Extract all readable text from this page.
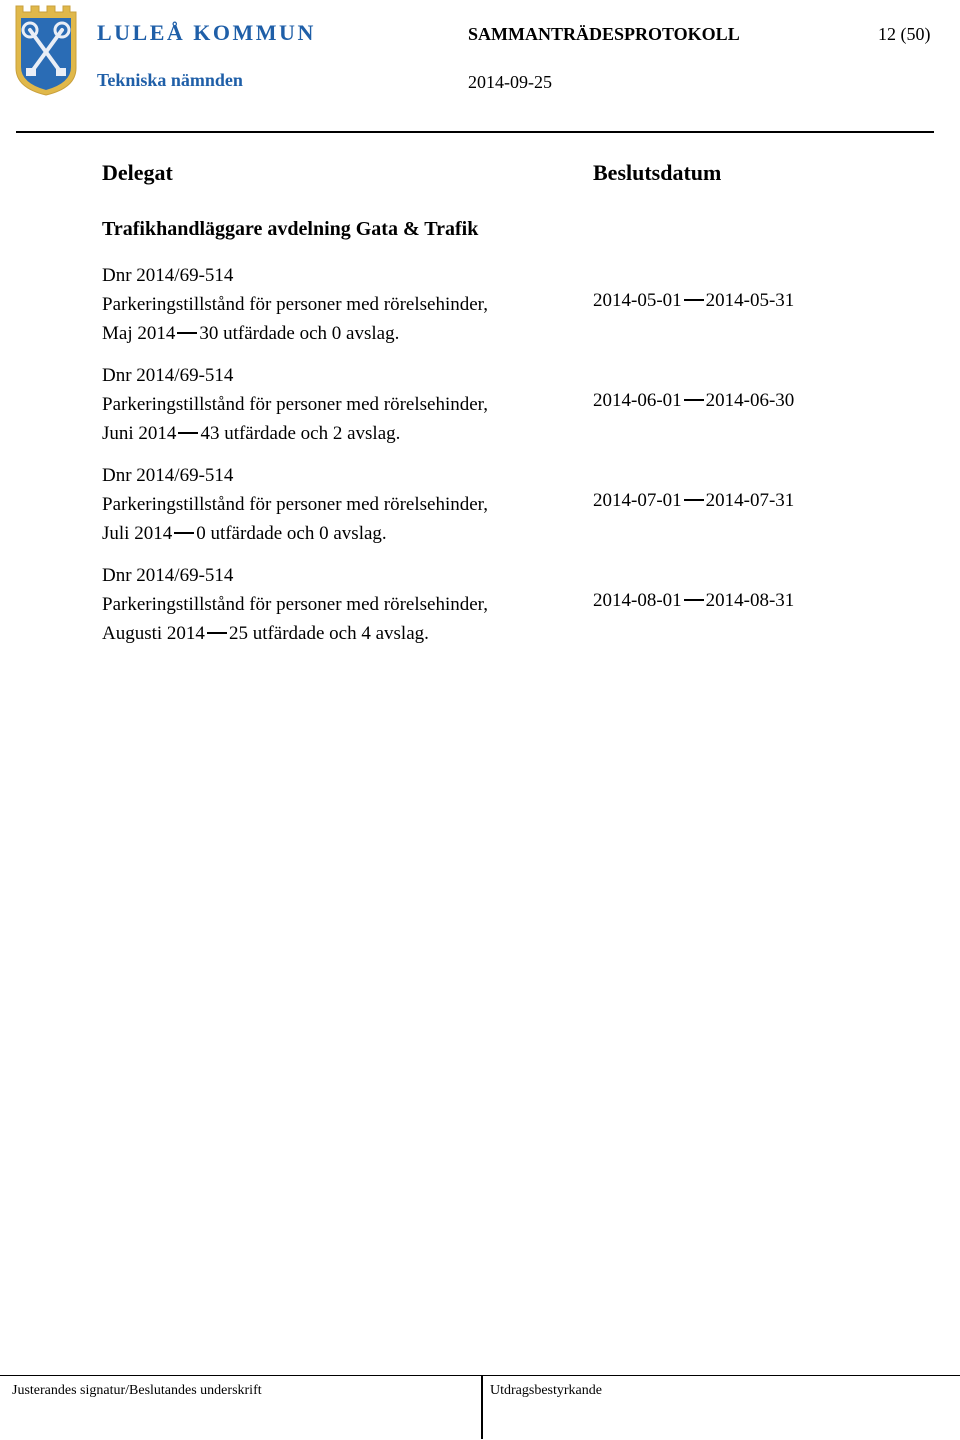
LULEÅ KOMMUN
Tekniska nämnden
SAMMANTRÄDESPROTOKOLL
2014-09-25
12 (50)
Delegat	Beslutsdatum
Trafikhandläggare avdelning Gata & Trafik
Dnr 2014/69-514
Parkeringstillstånd för personer med rörelsehinder,
Maj 2014 30 utfärdade och 0 avslag.
2014-05-01 2014-05-31
Dnr 2014/69-514
Parkeringstillstånd för personer med rörelsehinder,
Juni 2014 43 utfärdade och 2 avslag.
2014-06-01 2014-06-30
Dnr 2014/69-514
Parkeringstillstånd för personer med rörelsehinder,
Juli 2014 0 utfärdade och 0 avslag.
2014-07-01 2014-07-31
Dnr 2014/69-514
Parkeringstillstånd för personer med rörelsehinder,
Augusti 2014 25 utfärdade och 4 avslag.
2014-08-01 2014-08-31
Justerandes signatur/Beslutandes underskrift	Utdragsbestyrkande
